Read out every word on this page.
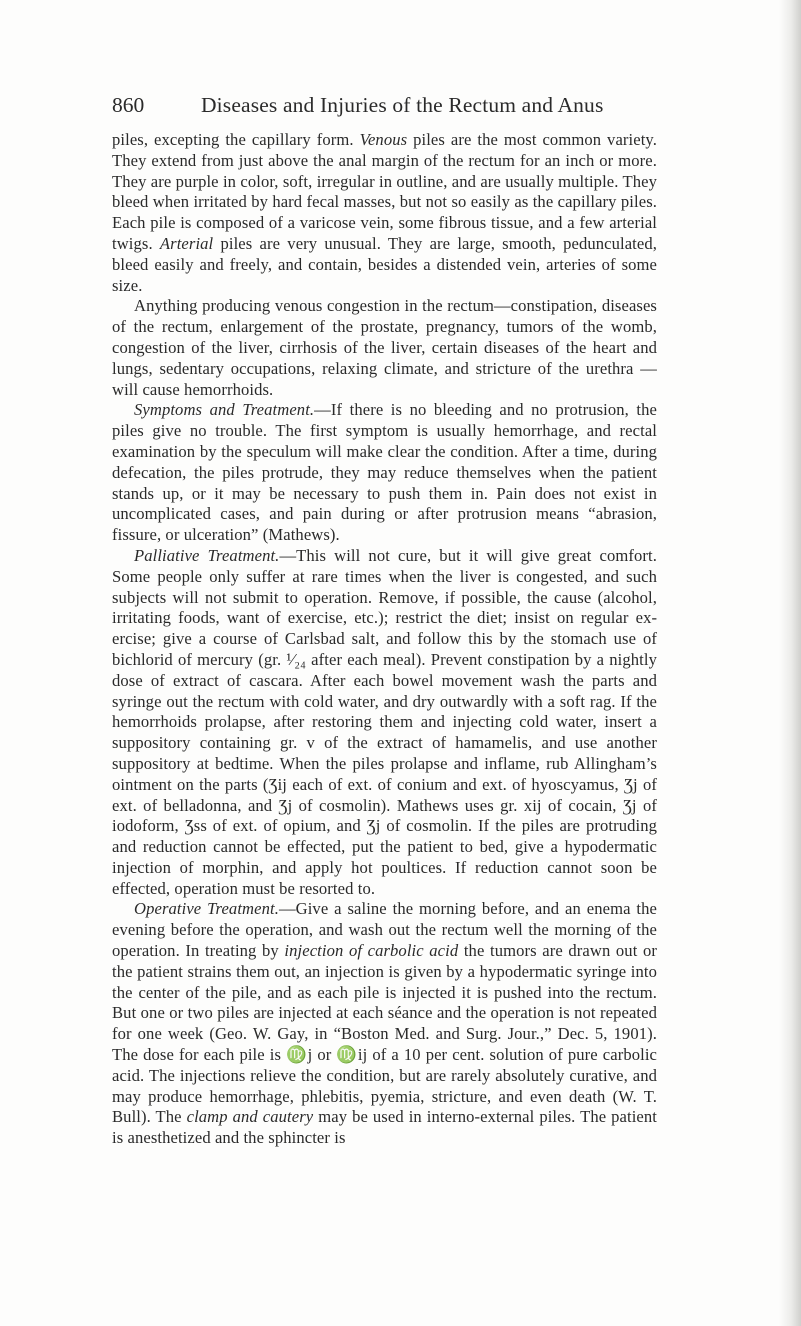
860	Diseases and Injuries of the Rectum and Anus

piles, excepting the capillary form. Venous piles are the most common variety. They extend from just above the anal margin of the rectum for an inch or more. They are purple in color, soft, irregular in outline, and are usually multiple. They bleed when irritated by hard fecal masses, but not so easily as the capillary piles. Each pile is composed of a varicose vein, some fibrous tissue, and a few arterial twigs. Arterial piles are very unusual. They are large, smooth, pedunculated, bleed easily and freely, and contain, besides a distended vein, arteries of some size.

Anything producing venous congestion in the rectum—constipation, diseases of the rectum, enlargement of the prostate, pregnancy, tumors of the womb, congestion of the liver, cirrhosis of the liver, certain diseases of the heart and lungs, sedentary occupations, relaxing climate, and stricture of the urethra —will cause hemorrhoids.

Symptoms and Treatment.—If there is no bleeding and no protrusion, the piles give no trouble. The first symptom is usually hemorrhage, and rectal examination by the speculum will make clear the condition. After a time, during defecation, the piles protrude, they may reduce themselves when the patient stands up, or it may be necessary to push them in. Pain does not exist in uncomplicated cases, and pain during or after protrusion means “abrasion, fissure, or ulceration” (Mathews).

Palliative Treatment.—This will not cure, but it will give great comfort. Some people only suffer at rare times when the liver is congested, and such subjects will not submit to operation. Remove, if possible, the cause (alcohol, irritating foods, want of exercise, etc.); restrict the diet; insist on regular exercise; give a course of Carlsbad salt, and follow this by the stomach use of bichlorid of mercury (gr. ¹⁄₂₄ after each meal). Prevent constipation by a nightly dose of extract of cascara. After each bowel movement wash the parts and syringe out the rectum with cold water, and dry outwardly with a soft rag. If the hemorrhoids prolapse, after restoring them and injecting cold water, insert a suppository containing gr. v of the extract of hamamelis, and use another suppository at bedtime. When the piles prolapse and inflame, rub Allingham’s ointment on the parts (Ʒij each of ext. of conium and ext. of hyoscyamus, Ʒj of ext. of belladonna, and Ʒj of cosmolin). Mathews uses gr. xij of cocain, Ʒj of iodoform, Ʒss of ext. of opium, and Ʒj of cosmolin. If the piles are protruding and reduction cannot be effected, put the patient to bed, give a hypodermatic injection of morphin, and apply hot poultices. If reduction cannot soon be effected, operation must be resorted to.

Operative Treatment.—Give a saline the morning before, and an enema the evening before the operation, and wash out the rectum well the morning of the operation. In treating by injection of carbolic acid the tumors are drawn out or the patient strains them out, an injection is given by a hypodermatic syringe into the center of the pile, and as each pile is injected it is pushed into the rectum. But one or two piles are injected at each séance and the operation is not repeated for one week (Geo. W. Gay, in “Boston Med. and Surg. Jour.,” Dec. 5, 1901). The dose for each pile is ♍j or ♍ij of a 10 per cent. solution of pure carbolic acid. The injections relieve the condition, but are rarely absolutely curative, and may produce hemorrhage, phlebitis, pyemia, stricture, and even death (W. T. Bull). The clamp and cautery may be used in interno-external piles. The patient is anesthetized and the sphincter is
